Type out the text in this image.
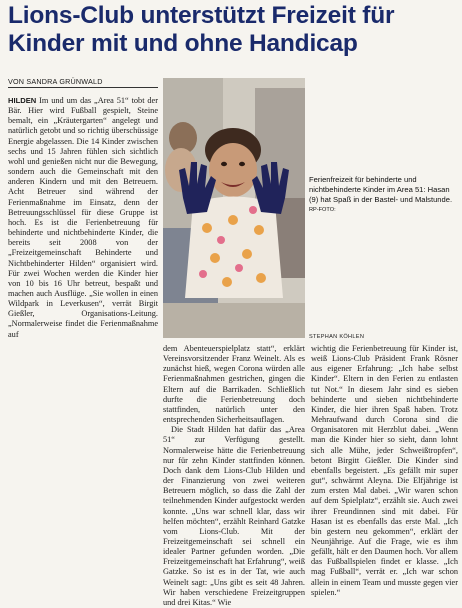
Lions-Club unterstützt Freizeit für Kinder mit und ohne Handicap
VON SANDRA GRÜNWALD

HILDEN Im und um das „Area 51“ tobt der Bär. Hier wird Fußball gespielt, Steine bemalt, ein „Kräutergarten“ angelegt und natürlich getobt und so richtig überschüssige Energie abgelassen. Die 14 Kinder zwischen sechs und 15 Jahren fühlen sich sichtlich wohl und genießen nicht nur die Bewegung, sondern auch die Gemeinschaft mit den anderen Kindern und mit den Betreuern. Acht Betreuer sind während der Ferienmaßnahme im Einsatz, denn der Betreuungsschlüssel für diese Gruppe ist hoch. Es ist die Ferienbetreuung für behinderte und nichtbehinderte Kinder, die bereits seit 2008 von der „Freizeitgemeinschaft Behinderte und Nichtbehinderter Hilden“ organisiert wird. Für zwei Wochen werden die Kinder hier von 10 bis 16 Uhr betreut, bespaßt und machen auch Ausflüge. „Sie wollen in einen Wildpark in Leverkusen“, verrät Birgit Gießler, Organisations-Leitung. „Normalerweise findet die Ferienmaßnahme auf

Ferienfreizeit für behinderte und nichtbehinderte Kinder im Area 51: Hasan (9) hat Spaß in der Bastel- und Malstunde. RP-FOTO:
STEPHAN KÖHLEN

dem Abenteuerspielplatz statt“, erklärt Vereinsvorsitzender Franz Weinelt. Als es zunächst hieß, wegen Corona würden alle Ferienmaßnahmen gestrichen, gingen die Eltern auf die Barrikaden. Schließlich durfte die Ferienbetreuung doch stattfinden, natürlich unter den entsprechenden Sicherheitsauflagen.

Die Stadt Hilden hat dafür das „Area 51“ zur Verfügung gestellt. Normalerweise hätte die Ferienbetreuung nur für zehn Kinder stattfinden können. Doch dank dem Lions-Club Hilden und der Finanzierung von zwei weiteren Betreuern möglich, so dass die Zahl der teilnehmenden Kinder aufgestockt werden konnte. „Uns war schnell klar, dass wir helfen möchten“, erzählt Reinhard Gatzke vom Lions-Club. Mit der Freizeitgemeinschaft sei schnell ein idealer Partner gefunden worden. „Die Freizeitgemeinschaft hat Erfahrung“, weiß Gatzke. So ist es in der Tat, wie auch Weinelt sagt: „Uns gibt es seit 48 Jahren. Wir haben verschiedene Freizeitgruppen und drei Kitas.“ Wie

wichtig die Ferienbetreuung für Kinder ist, weiß Lions-Club Präsident Frank Rösner aus eigener Erfahrung: „Ich habe selbst Kinder“. Eltern in den Ferien zu entlasten tut Not.“ In diesem Jahr sind es sieben behinderte und sieben nichtbehinderte Kinder, die hier ihren Spaß haben. Trotz Mehraufwand durch Corona sind die Organisatoren mit Herzblut dabei. „Wenn man die Kinder hier so sieht, dann lohnt sich alle Mühe, jeder Schweißtropfen“, betont Birgitt Gießler. Die Kinder sind ebenfalls begeistert. „Es gefällt mir super gut“, schwärmt Aleyna. Die Elfjährige ist zum ersten Mal dabei. „Wir waren schon auf dem Spielplatz“, erzählt sie. Auch zwei ihrer Freundinnen sind mit dabei. Für Hasan ist es ebenfalls das erste Mal. „Ich bin gestern neu gekommen“, erklärt der Neunjährige. Auf die Frage, wie es ihm gefällt, hält er den Daumen hoch. Vor allem das Fußballspielen findet er klasse. „Ich mag Fußball“, verrät er. „Ich war schon allein in einem Team und musste gegen vier spielen.“
